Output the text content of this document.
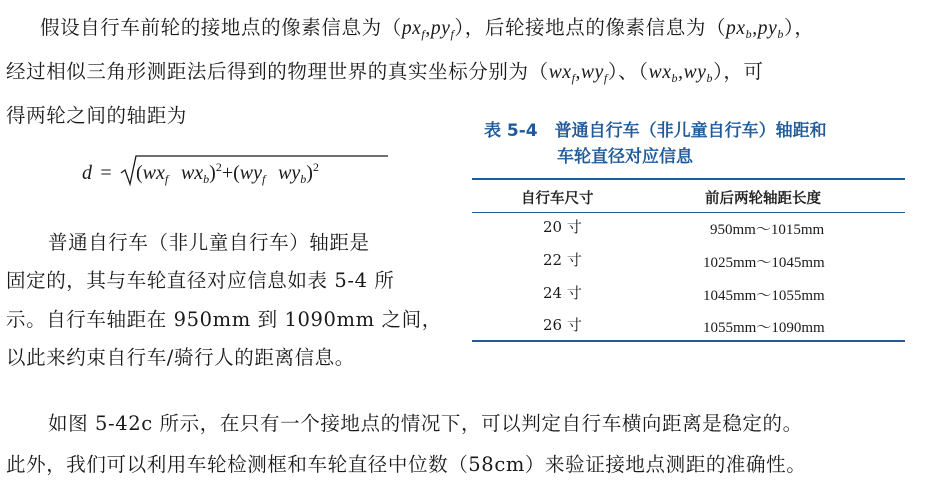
假设自行车前轮的接地点的像素信息为$(px_f,py_f)$，后轮接地点的像素信息为$(px_b,py_b)$，
经过相似三角形测距法后得到的物理世界的真实坐标分别为$(wx_f,wy_f)$、$(wx_b,wy_b)$，可
得两轮之间的轴距为
$d = (wx_f$ $wx_b)^2+(wy_f$ $wy_b)^2$
普通自行车（非儿童自行车）轴距是
固定的，其与车轮直径对应信息如表 5-4 所
示。自行车轴距在 950mm 到 1090mm 之间，
以此来约束自行车/骑行人的距离信息。
表 5-4　普通自行车（非儿童自行车）轴距和
车轮直径对应信息
自行车尺寸	前后两轮轴距长度
20 寸	950mm～1015mm
22 寸	1025mm～1045mm
24 寸	1045mm～1055mm
26 寸	1055mm～1090mm
如图 5-42c 所示，在只有一个接地点的情况下，可以判定自行车横向距离是稳定的。
此外，我们可以利用车轮检测框和车轮直径中位数（58cm）来验证接地点测距的准确性。
